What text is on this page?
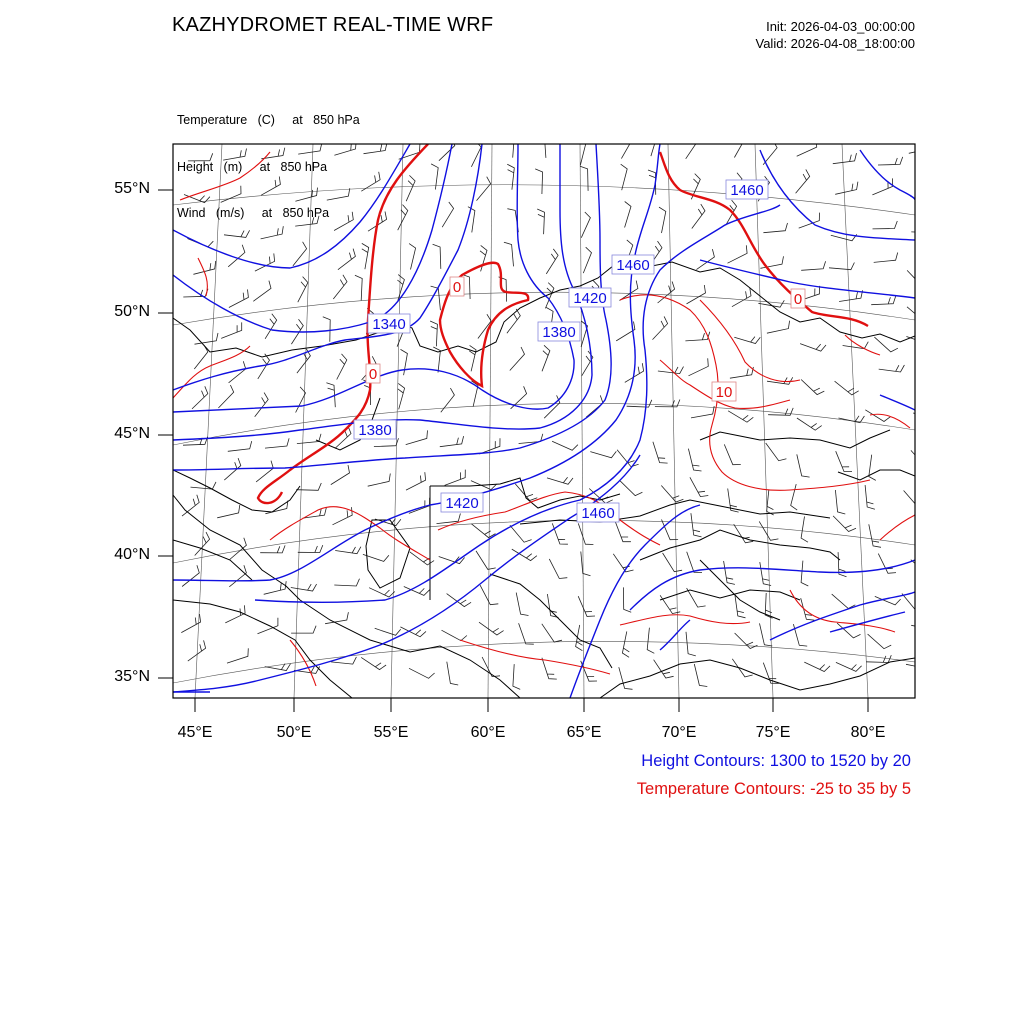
KAZHYDROMET REAL-TIME WRF	Init: 2026-04-03_00:00:00
Valid: 2026-04-08_18:00:00

Temperature   (C)     at   850 hPa

Height   (m)     at   850 hPa

Wind   (m/s)     at   850 hPa

1460
1460
1420
1380
1340
1380
1420
1460
0
0
0
10
55°N
50°N
45°N
40°N
35°N
45°E	50°E	55°E	60°E	65°E	70°E	75°E	80°E
Height Contours: 1300 to 1520 by 20
Temperature Contours: -25 to 35 by 5
